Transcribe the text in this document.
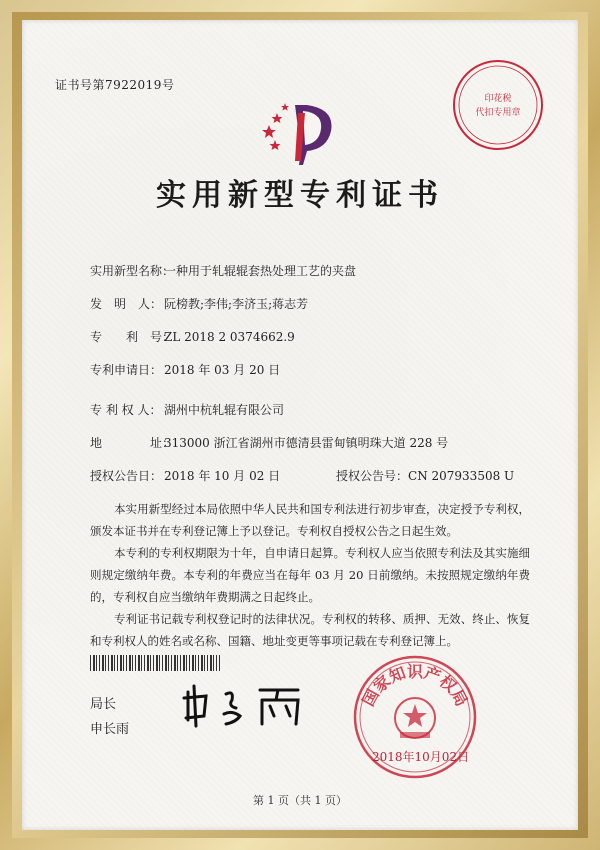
证书号第7922019号
印花税
代扣专用章
实用新型专利证书
实用新型名称：一种用于轧辊辊套热处理工艺的夹盘
发　明　人： 阮榜教;李伟;李济玉;蒋志芳
专　　利　号：ZL 2018 2 0374662.9
专利申请日： 2018 年 03 月 20 日
专 利 权 人： 湖州中杭轧辊有限公司
地　　　　址：313000 浙江省湖州市德清县雷甸镇明珠大道 228 号
授权公告日： 2018 年 10 月 02 日	授权公告号：CN 207933508 U

本实用新型经过本局依照中华人民共和国专利法进行初步审查，决定授予专利权，颁发本证书并在专利登记簿上予以登记。专利权自授权公告之日起生效。

本专利的专利权期限为十年，自申请日起算。专利权人应当依照专利法及其实施细则规定缴纳年费。本专利的年费应当在每年 03 月 20 日前缴纳。未按照规定缴纳年费的，专利权自应当缴纳年费期满之日起终止。

专利证书记载专利权登记时的法律状况。专利权的转移、质押、无效、终止、恢复和专利权人的姓名或名称、国籍、地址变更等事项记载在专利登记簿上。

局长
申长雨
国家知识产权局
2018年10月02日
第 1 页（共 1 页）
